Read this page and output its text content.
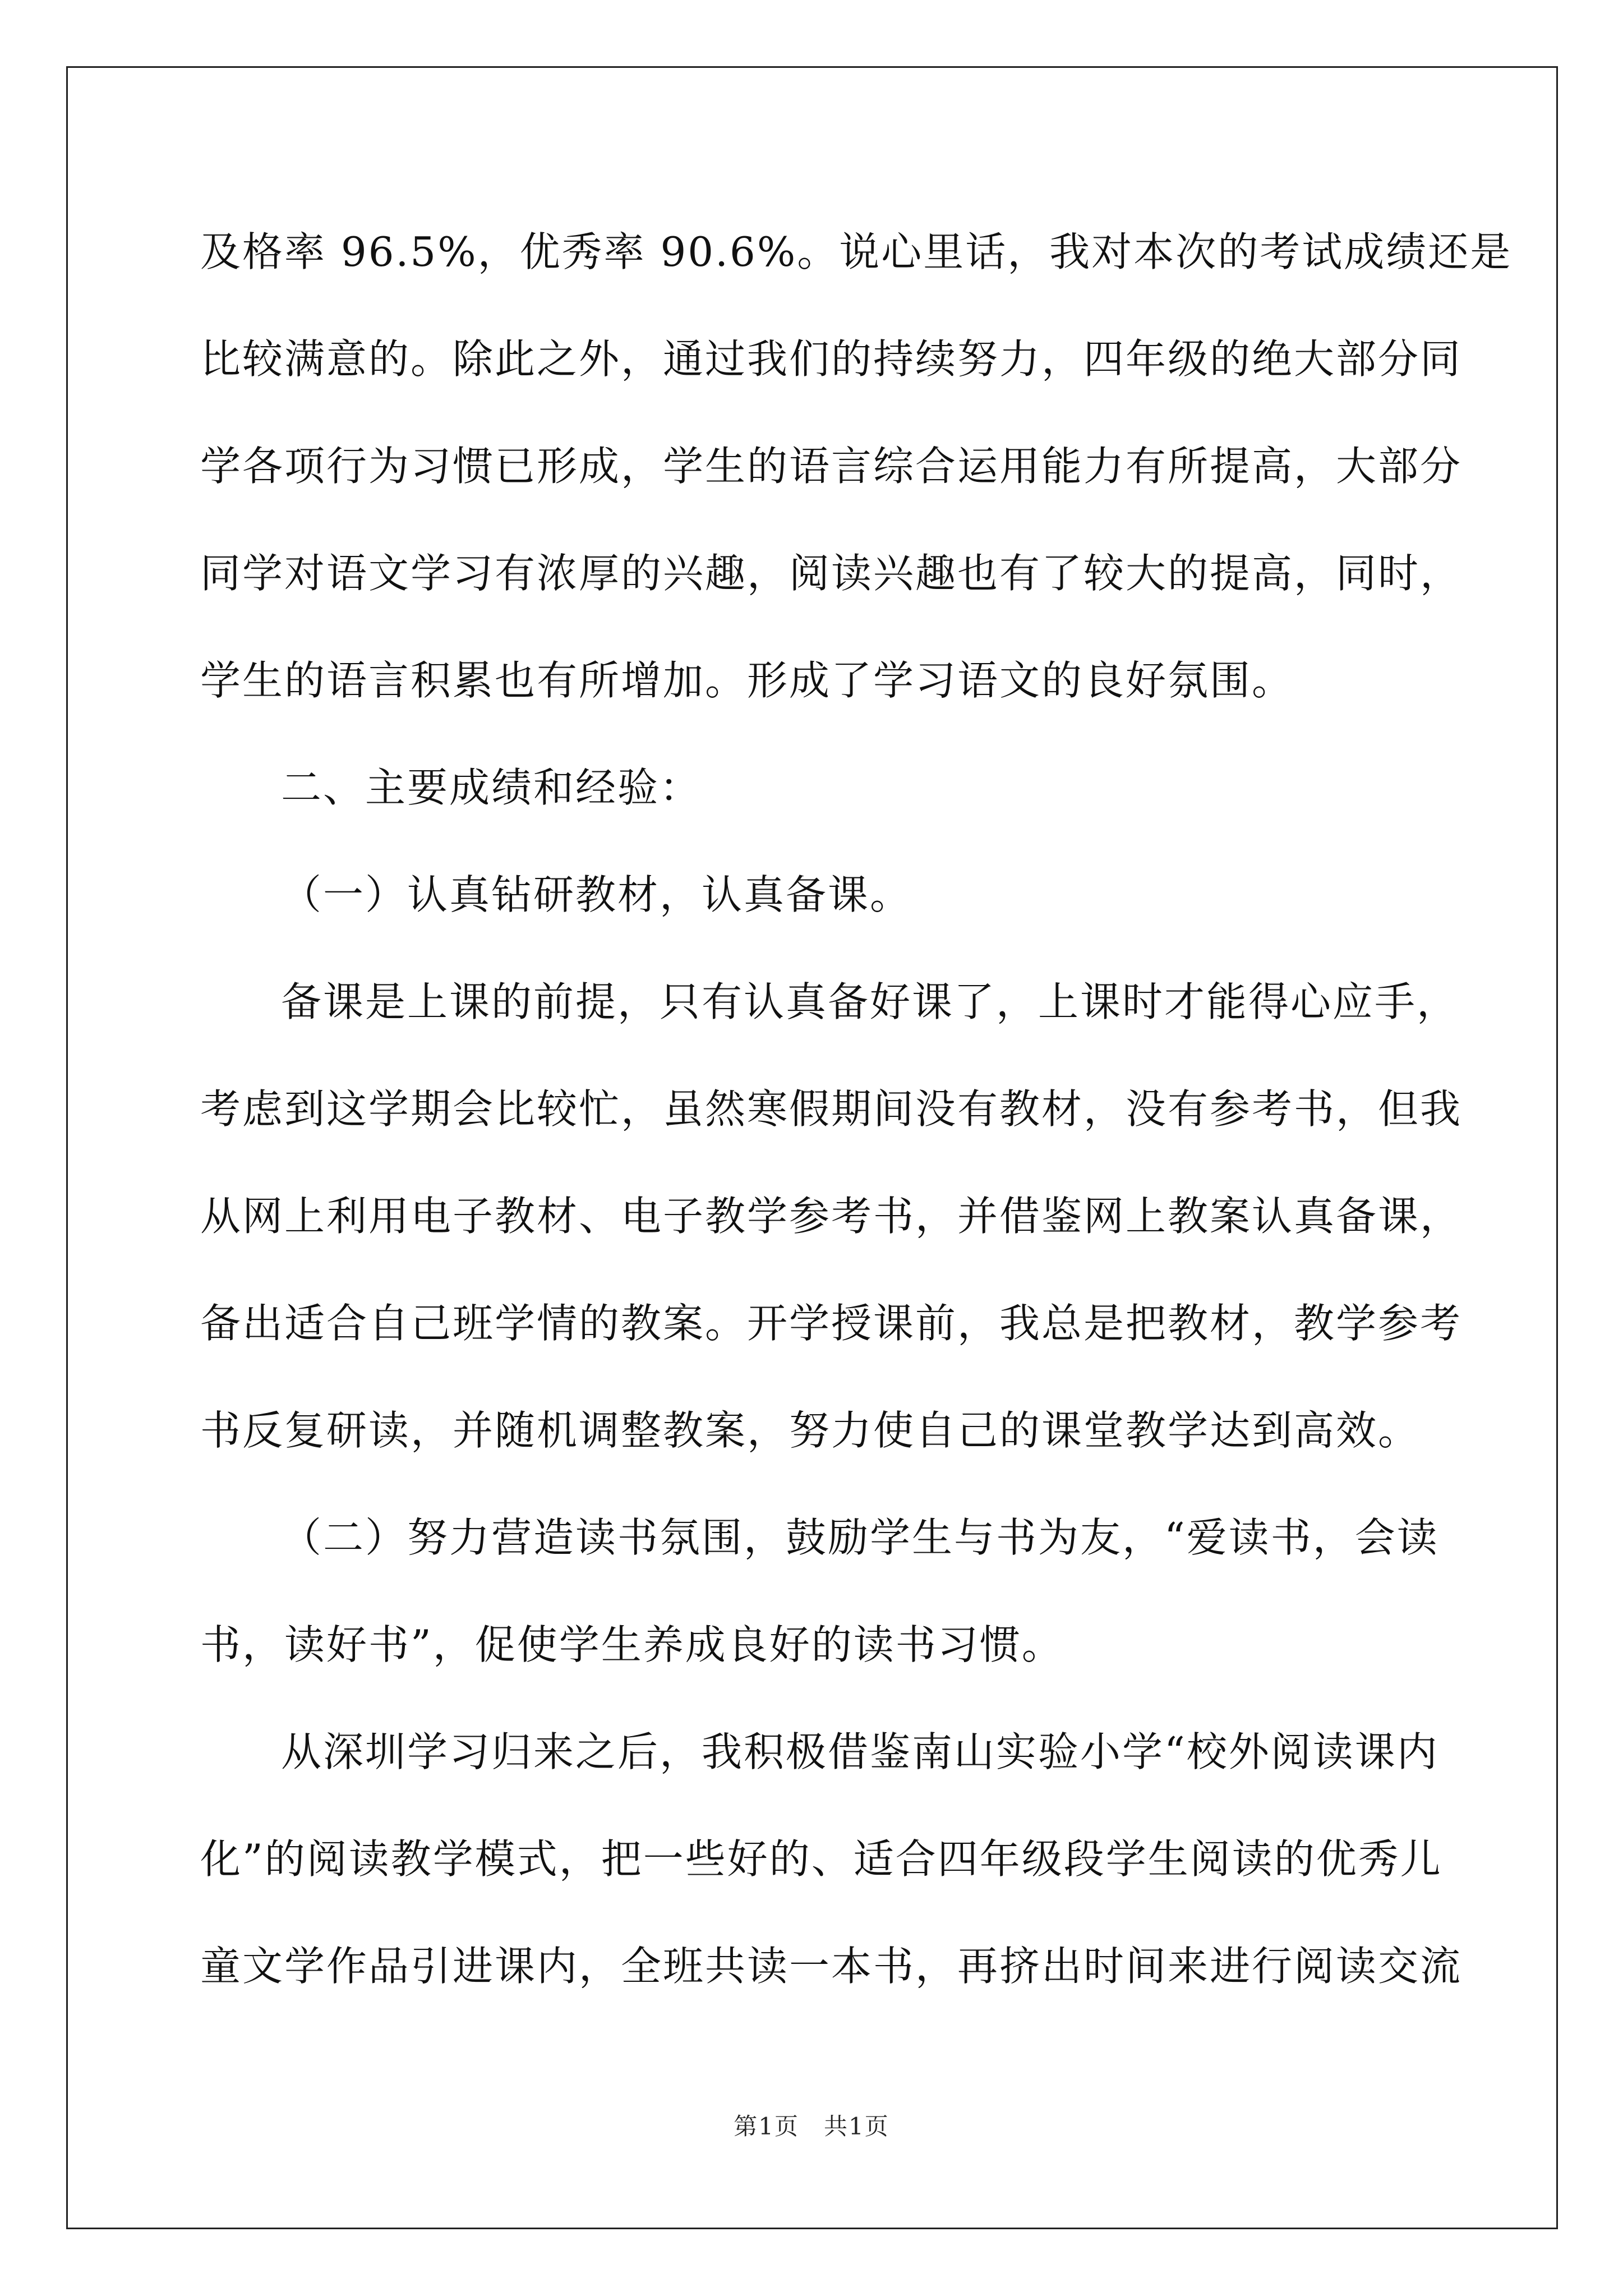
及格率 96.5%，优秀率 90.6%。说心里话，我对本次的考试成绩还是
比较满意的。除此之外，通过我们的持续努力，四年级的绝大部分同
学各项行为习惯已形成，学生的语言综合运用能力有所提高，大部分
同学对语文学习有浓厚的兴趣，阅读兴趣也有了较大的提高，同时，
学生的语言积累也有所增加。形成了学习语文的良好氛围。
二、主要成绩和经验：
（一）认真钻研教材，认真备课。
备课是上课的前提，只有认真备好课了，上课时才能得心应手，
考虑到这学期会比较忙，虽然寒假期间没有教材，没有参考书，但我
从网上利用电子教材、电子教学参考书，并借鉴网上教案认真备课，
备出适合自己班学情的教案。开学授课前，我总是把教材，教学参考
书反复研读，并随机调整教案，努力使自己的课堂教学达到高效。
（二）努力营造读书氛围，鼓励学生与书为友，“爱读书，会读
书，读好书”，促使学生养成良好的读书习惯。
从深圳学习归来之后，我积极借鉴南山实验小学“校外阅读课内
化”的阅读教学模式，把一些好的、适合四年级段学生阅读的优秀儿
童文学作品引进课内，全班共读一本书，再挤出时间来进行阅读交流
第1页　共1页
